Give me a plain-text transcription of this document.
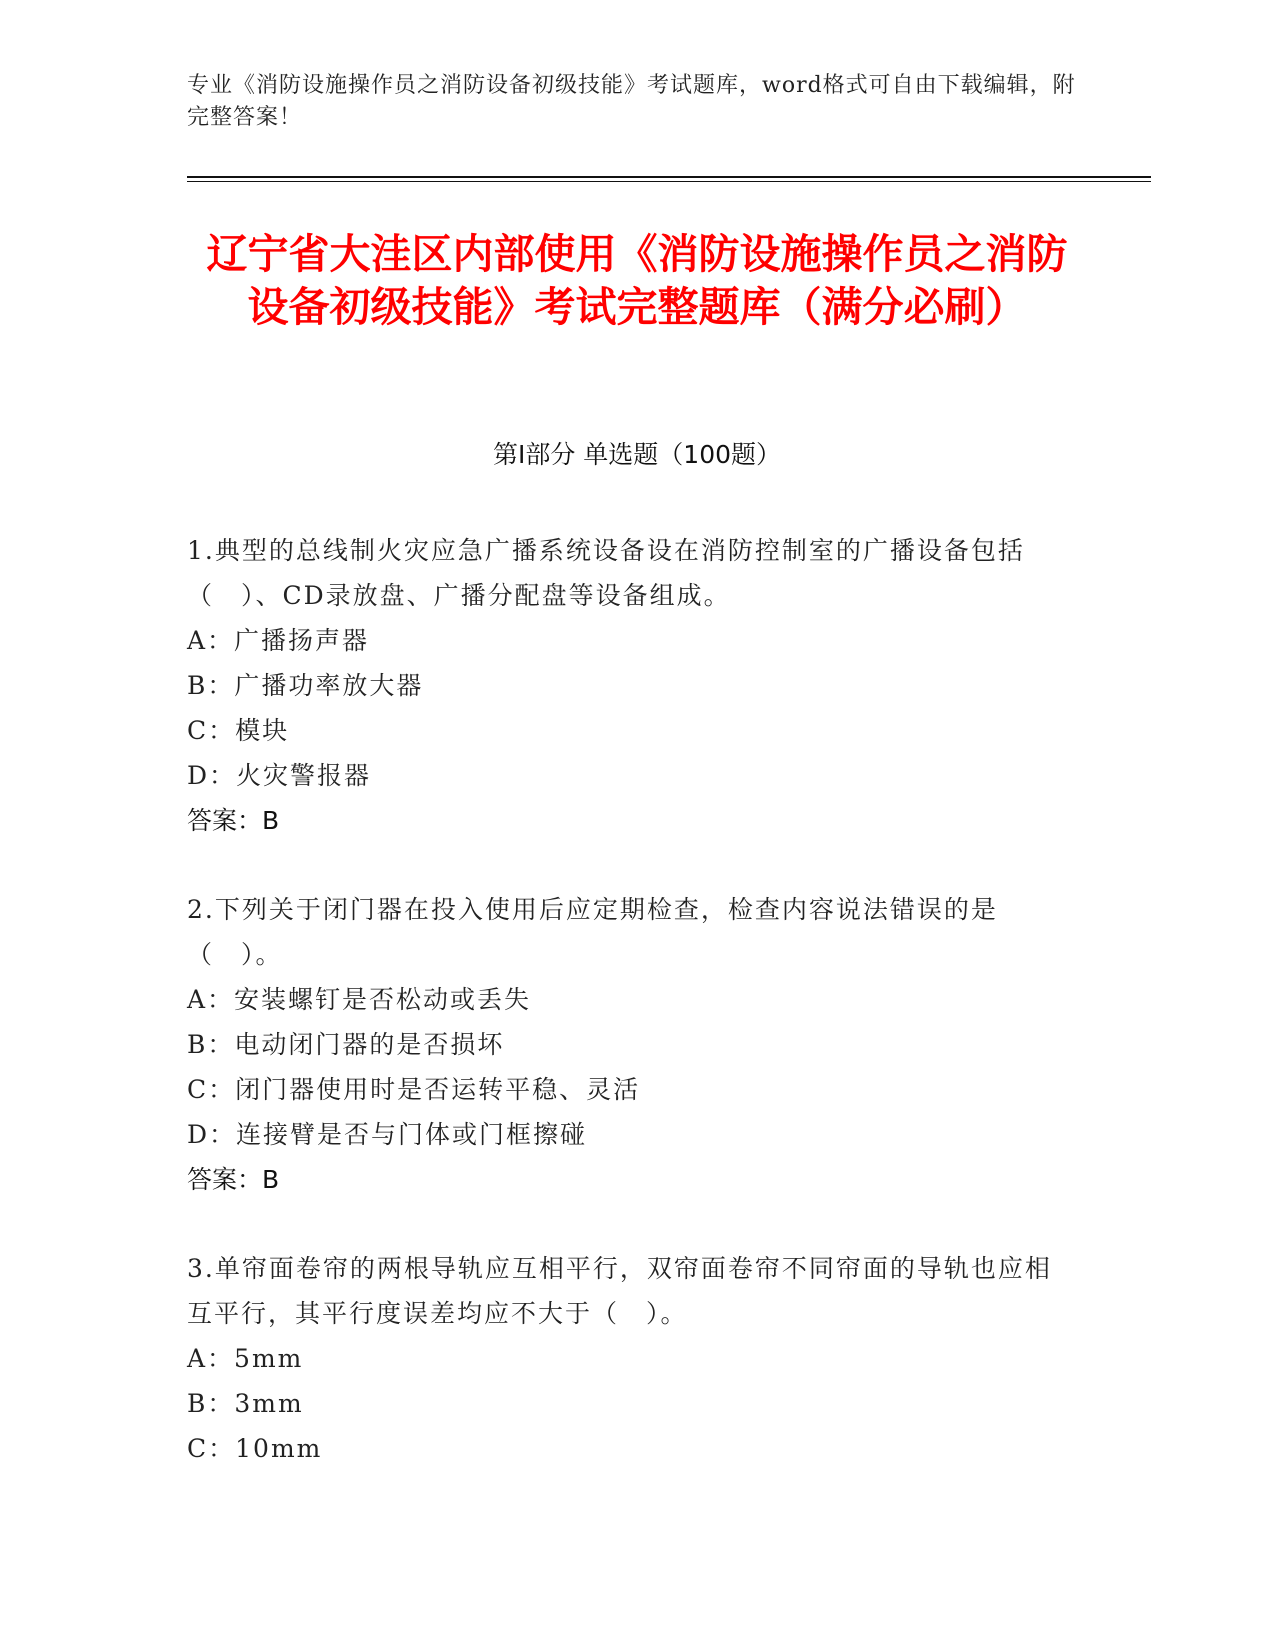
专业《消防设施操作员之消防设备初级技能》考试题库，word格式可自由下载编辑，附完整答案！
辽宁省大洼区内部使用《消防设施操作员之消防设备初级技能》考试完整题库（满分必刷）
第Ⅰ部分 单选题（100题）
1.典型的总线制火灾应急广播系统设备设在消防控制室的广播设备包括（　）、CD录放盘、广播分配盘等设备组成。
A：广播扬声器
B：广播功率放大器
C：模块
D：火灾警报器
答案：B
2.下列关于闭门器在投入使用后应定期检查，检查内容说法错误的是（　）。
A：安装螺钉是否松动或丢失
B：电动闭门器的是否损坏
C：闭门器使用时是否运转平稳、灵活
D：连接臂是否与门体或门框擦碰
答案：B
3.单帘面卷帘的两根导轨应互相平行，双帘面卷帘不同帘面的导轨也应相互平行，其平行度误差均应不大于（　）。
A：5mm
B：3mm
C：10mm
